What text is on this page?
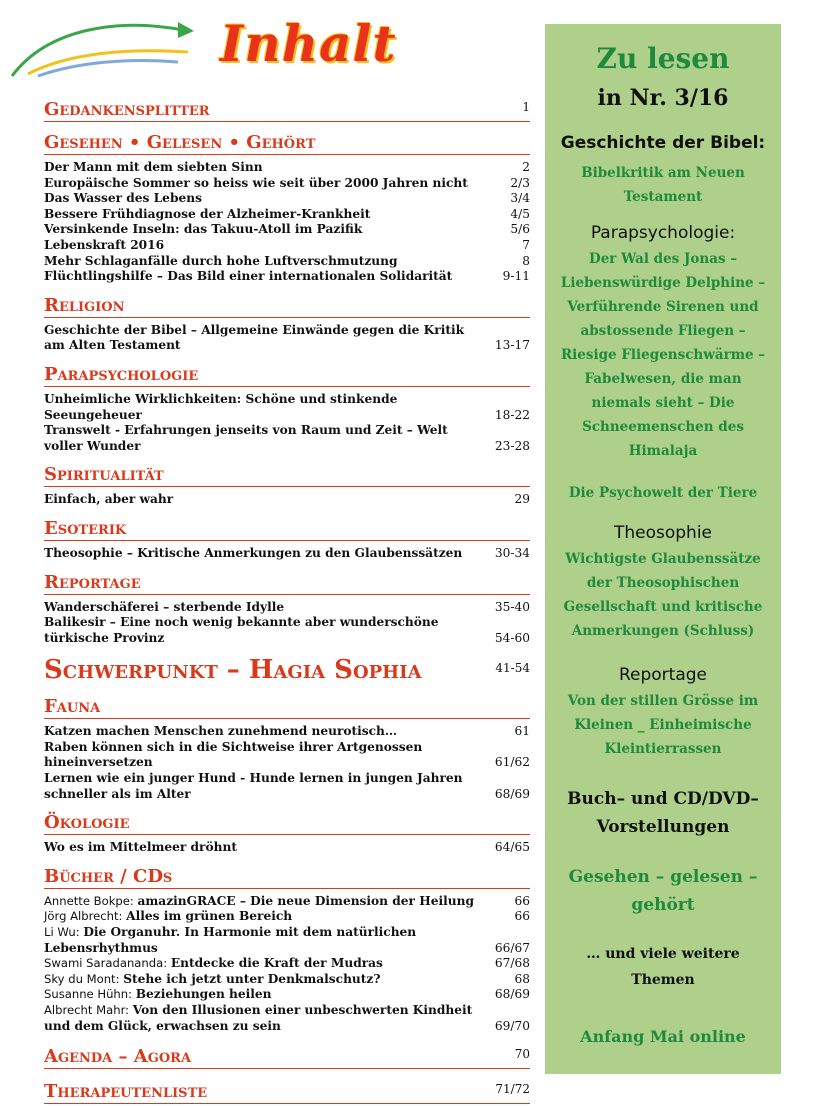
Inhalt
Gedankensplitter	1
Gesehen • Gelesen • Gehört
Der Mann mit dem siebten Sinn	2
Europäische Sommer so heiss wie seit über 2000 Jahren nicht	2/3
Das Wasser des Lebens	3/4
Bessere Frühdiagnose der Alzheimer-Krankheit	4/5
Versinkende Inseln: das Takuu-Atoll im Pazifik	5/6
Lebenskraft 2016	7
Mehr Schlaganfälle durch hohe Luftverschmutzung	8
Flüchtlingshilfe – Das Bild einer internationalen Solidarität	9-11
Religion
Geschichte der Bibel – Allgemeine Einwände gegen die Kritik am Alten Testament	13-17
Parapsychologie
Unheimliche Wirklichkeiten: Schöne und stinkende Seeungeheuer	18-22
Transwelt - Erfahrungen jenseits von Raum und Zeit – Welt voller Wunder	23-28
Spiritualität
Einfach, aber wahr	29
Esoterik
Theosophie – Kritische Anmerkungen zu den Glaubenssätzen	30-34
Reportage
Wanderschäferei – sterbende Idylle	35-40
Balikesir – Eine noch wenig bekannte aber wunderschöne türkische Provinz	54-60
Schwerpunkt – Hagia Sophia	41-54
Fauna
Katzen machen Menschen zunehmend neurotisch…	61
Raben können sich in die Sichtweise ihrer Artgenossen hineinversetzen	61/62
Lernen wie ein junger Hund - Hunde lernen in jungen Jahren schneller als im Alter	68/69
Ökologie
Wo es im Mittelmeer dröhnt	64/65
Bücher / CDs
Annette Bokpe: amazinGRACE – Die neue Dimension der Heilung	66
Jörg Albrecht: Alles im grünen Bereich	66
Li Wu: Die Organuhr. In Harmonie mit dem natürlichen Lebensrhythmus	66/67
Swami Saradananda: Entdecke die Kraft der Mudras	67/68
Sky du Mont: Stehe ich jetzt unter Denkmalschutz?	68
Susanne Hühn: Beziehungen heilen	68/69
Albrecht Mahr: Von den Illusionen einer unbeschwerten Kindheit und dem Glück, erwachsen zu sein	69/70
Agenda – Agora	70
Therapeutenliste	71/72
Zu lesen
in Nr. 3/16
Geschichte der Bibel:
Bibelkritik am Neuen Testament
Parapsychologie:
Der Wal des Jonas – Liebenswürdige Delphine – Verführende Sirenen und abstossende Fliegen – Riesige Fliegenschwärme – Fabelwesen, die man niemals sieht – Die Schneemenschen des Himalaja
Die Psychowelt der Tiere
Theosophie
Wichtigste Glaubenssätze der Theosophischen Gesellschaft und kritische Anmerkungen (Schluss)
Reportage
Von der stillen Grösse im Kleinen _ Einheimische Kleintierrassen
Buch– und CD/DVD– Vorstellungen
Gesehen – gelesen – gehört
… und viele weitere Themen
Anfang Mai online
